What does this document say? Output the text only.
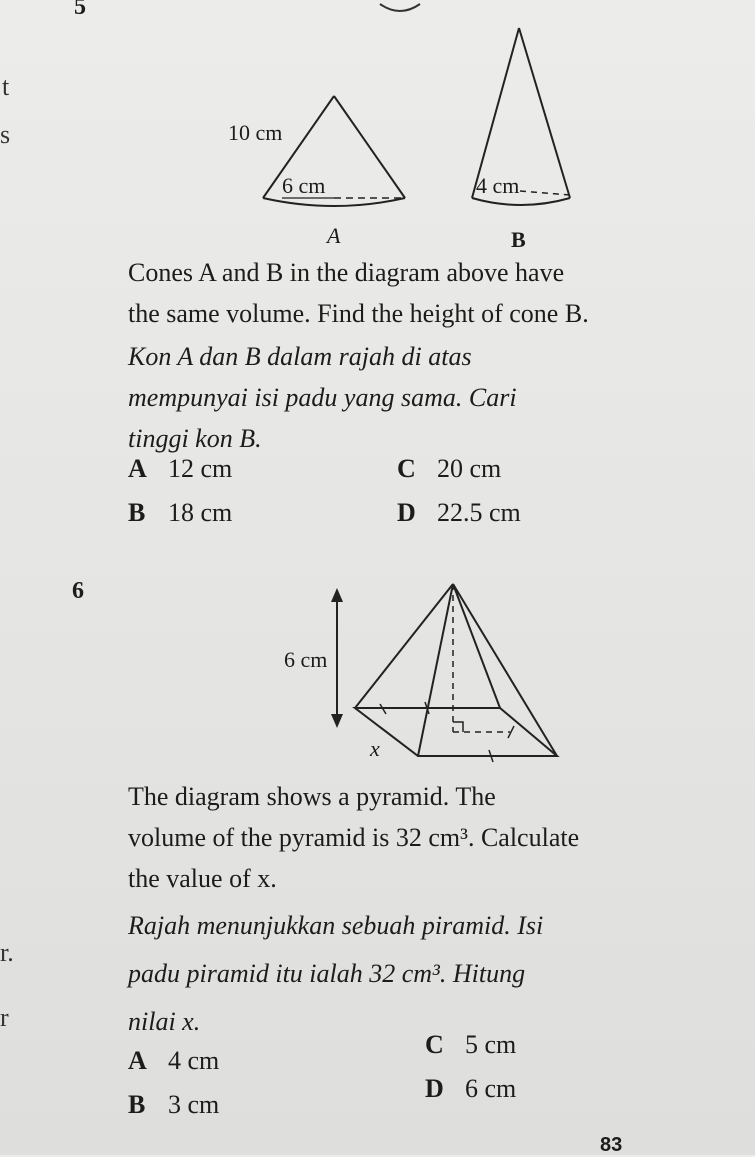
t
s
r.
r
5
10 cm
6 cm
A
4 cm
B
Cones A and B in the diagram above have
the same volume. Find the height of cone B.
Kon A dan B dalam rajah di atas
mempunyai isi padu yang sama. Cari
tinggi kon B.
A 12 cm
B 18 cm
C 20 cm
D 22.5 cm
6
6 cm
x
The diagram shows a pyramid. The
volume of the pyramid is 32 cm³. Calculate
the value of x.
Rajah menunjukkan sebuah piramid. Isi
padu piramid itu ialah 32 cm³. Hitung
nilai x.
A 4 cm
B 3 cm
C 5 cm
D 6 cm
83
